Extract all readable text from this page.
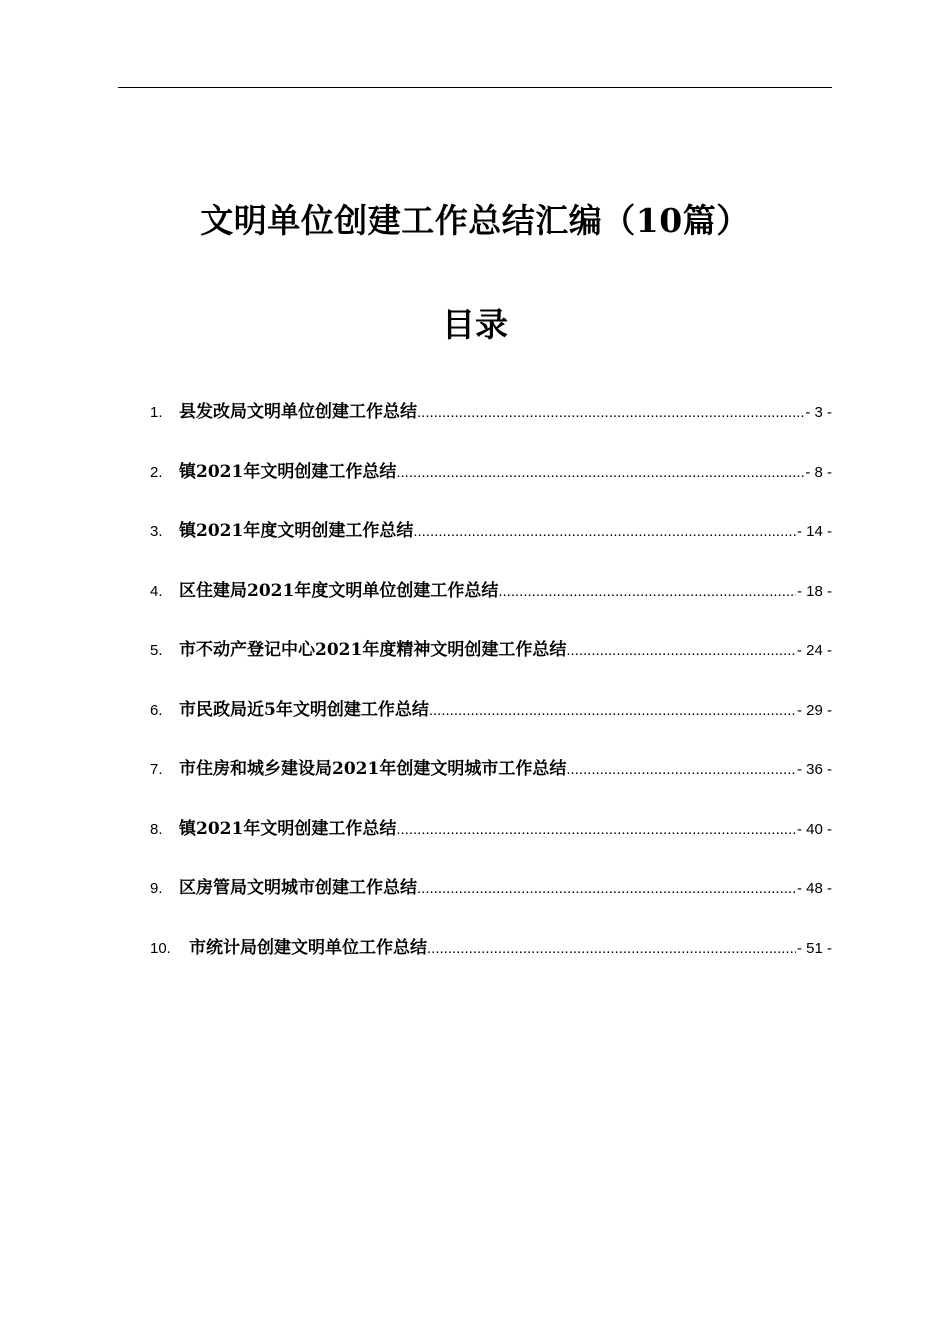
文明单位创建工作总结汇编（10篇）
目录
1. 县发改局文明单位创建工作总结 .....	- 3 -
2. 镇2021年文明创建工作总结 .....	- 8 -
3. 镇2021年度文明创建工作总结 .....	- 14 -
4. 区住建局2021年度文明单位创建工作总结 .....	- 18 -
5. 市不动产登记中心2021年度精神文明创建工作总结 .....	- 24 -
6. 市民政局近5年文明创建工作总结 .....	- 29 -
7. 市住房和城乡建设局2021年创建文明城市工作总结 .....	- 36 -
8. 镇2021年文明创建工作总结 .....	- 40 -
9. 区房管局文明城市创建工作总结 .....	- 48 -
10.	市统计局创建文明单位工作总结 .....	- 51 -
